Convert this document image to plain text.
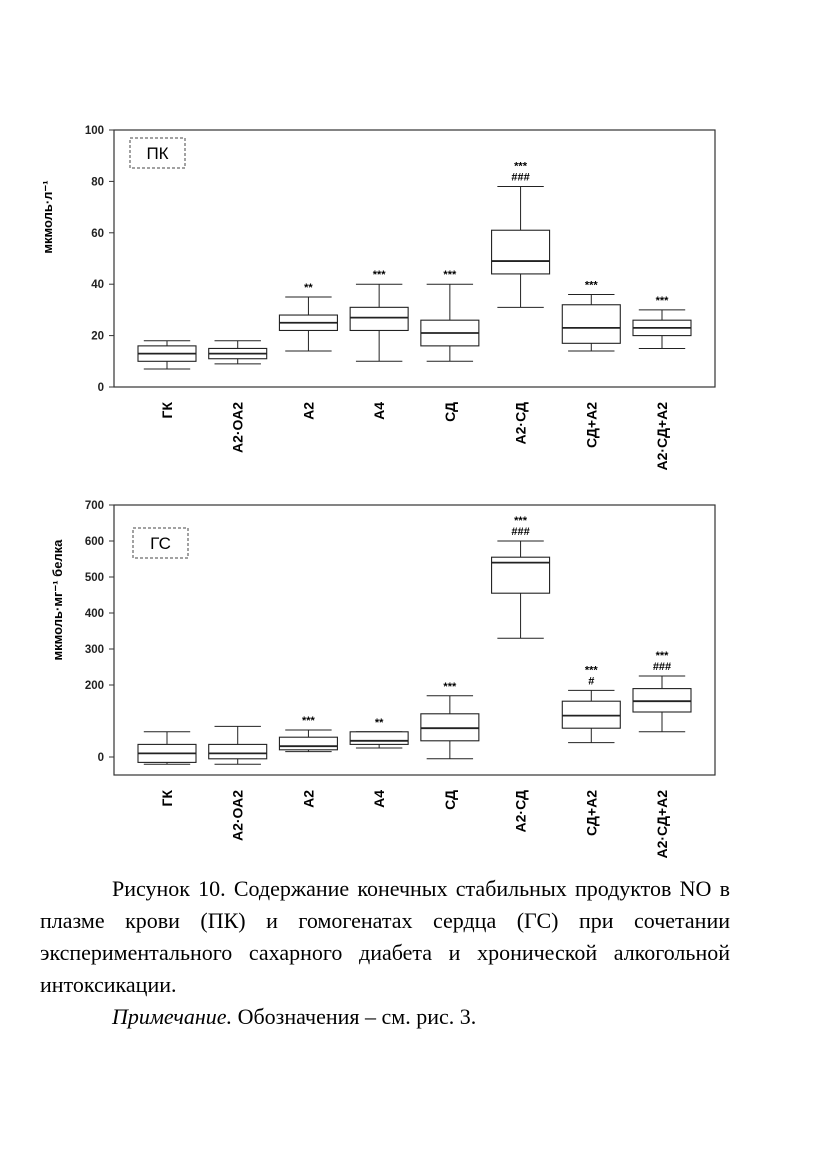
0
20
40
60
80
100
мкмоль·л⁻¹
ПК
ГК	А2·ОА2
**
А2
***
А4
***
СД
***
###
А2·СД
***
СД+А2
***
А2·СД+А2
0
200
300
400
500
600
700
мкмоль·мг⁻¹ белка	ГС
ГК	А2·ОА2
***
А2
**
А4
***
СД
***
###
А2·СД
***
#
СД+А2
***
###
А2·СД+А2

Рисунок 10. Содержание конечных стабильных продуктов NO в плазме крови (ПК) и гомогенатах сердца (ГС) при сочетании экспериментального сахарного диабета и хронической алкогольной интоксикации.

Примечание. Обозначения – см. рис. 3.
